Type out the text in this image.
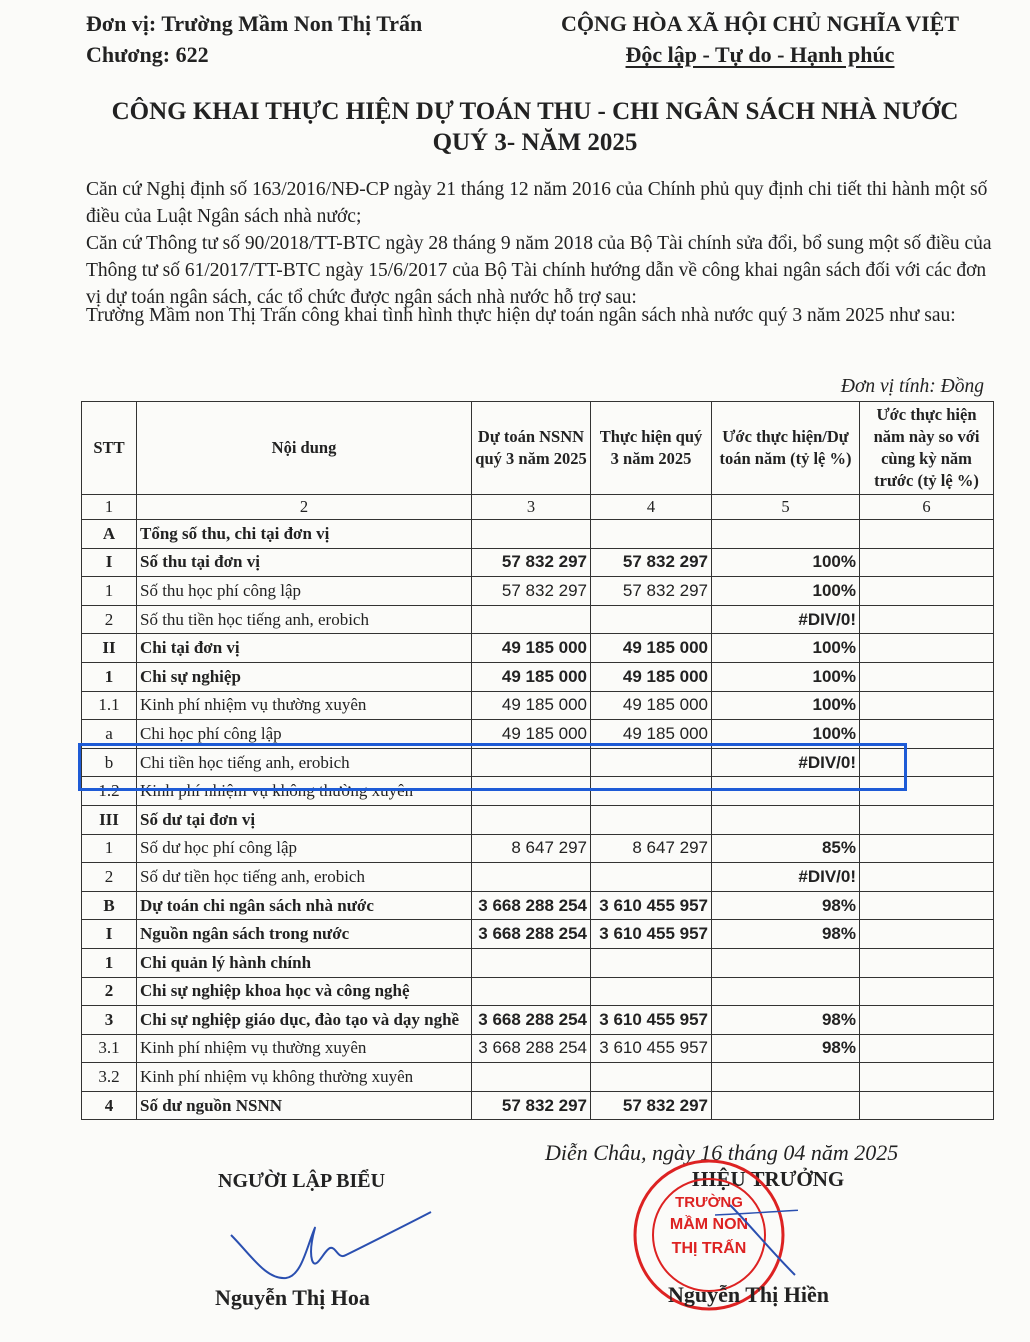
Đơn vị: Trường Mầm Non Thị Trấn
Chương: 622
CỘNG HÒA XÃ HỘI CHỦ NGHĨA VIỆT
Độc lập - Tự do - Hạnh phúc
CÔNG KHAI THỰC HIỆN DỰ TOÁN THU - CHI NGÂN SÁCH NHÀ NƯỚC
QUÝ 3- NĂM 2025

Căn cứ Nghị định số 163/2016/NĐ-CP ngày 21 tháng 12 năm 2016 của Chính phủ quy định chi tiết thi hành một số điều của Luật Ngân sách nhà nước;

Căn cứ Thông tư số 90/2018/TT-BTC ngày 28 tháng 9 năm 2018 của Bộ Tài chính sửa đổi, bổ sung một số điều của Thông tư số 61/2017/TT-BTC ngày 15/6/2017 của Bộ Tài chính hướng dẫn về công khai ngân sách đối với các đơn vị dự toán ngân sách, các tổ chức được ngân sách nhà nước hỗ trợ sau:

Trường Mầm non Thị Trấn công khai tình hình thực hiện dự toán ngân sách nhà nước quý 3 năm 2025 như sau:

Đơn vị tính: Đồng
STT	Nội dung	Dự toán NSNN quý 3 năm 2025	Thực hiện quý 3 năm 2025	Ước thực hiện/Dự toán năm (tỷ lệ %)	Ước thực hiện năm này so với cùng kỳ năm trước (tỷ lệ %)
1	2	3	4	5	6
A	Tổng số thu, chi tại đơn vị				
I	Số thu tại đơn vị	57 832 297	57 832 297	100%	
1	Số thu học phí công lập	57 832 297	57 832 297	100%	
2	Số thu tiền học tiếng anh, erobich			#DIV/0!	
II	Chi tại đơn vị	49 185 000	49 185 000	100%	
1	Chi sự nghiệp	49 185 000	49 185 000	100%	
1.1	Kinh phí nhiệm vụ thường xuyên	49 185 000	49 185 000	100%	
a	Chi học phí công lập	49 185 000	49 185 000	100%	
b	Chi tiền học tiếng anh, erobich			#DIV/0!	
1.2	Kinh phí nhiệm vụ không thường xuyên				
III	Số dư tại đơn vị				
1	Số dư học phí công lập	8 647 297	8 647 297	85%	
2	Số dư tiền học tiếng anh, erobich			#DIV/0!	
B	Dự toán chi ngân sách nhà nước	3 668 288 254	3 610 455 957	98%	
I	Nguồn ngân sách trong nước	3 668 288 254	3 610 455 957	98%	
1	Chi quản lý hành chính				
2	Chi sự nghiệp khoa học và công nghệ				
3	Chi sự nghiệp giáo dục, đào tạo và dạy nghề	3 668 288 254	3 610 455 957	98%	
3.1	Kinh phí nhiệm vụ thường xuyên	3 668 288 254	3 610 455 957	98%	
3.2	Kinh phí nhiệm vụ không thường xuyên				
4	Số dư nguồn NSNN	57 832 297	57 832 297		
Diễn Châu, ngày 16 tháng 04 năm 2025
NGƯỜI LẬP BIỂU	HIỆU TRƯỞNG
TRƯỜNG
MẦM NON
THỊ TRẤN
Nguyễn Thị Hoa	Nguyễn Thị Hiền
